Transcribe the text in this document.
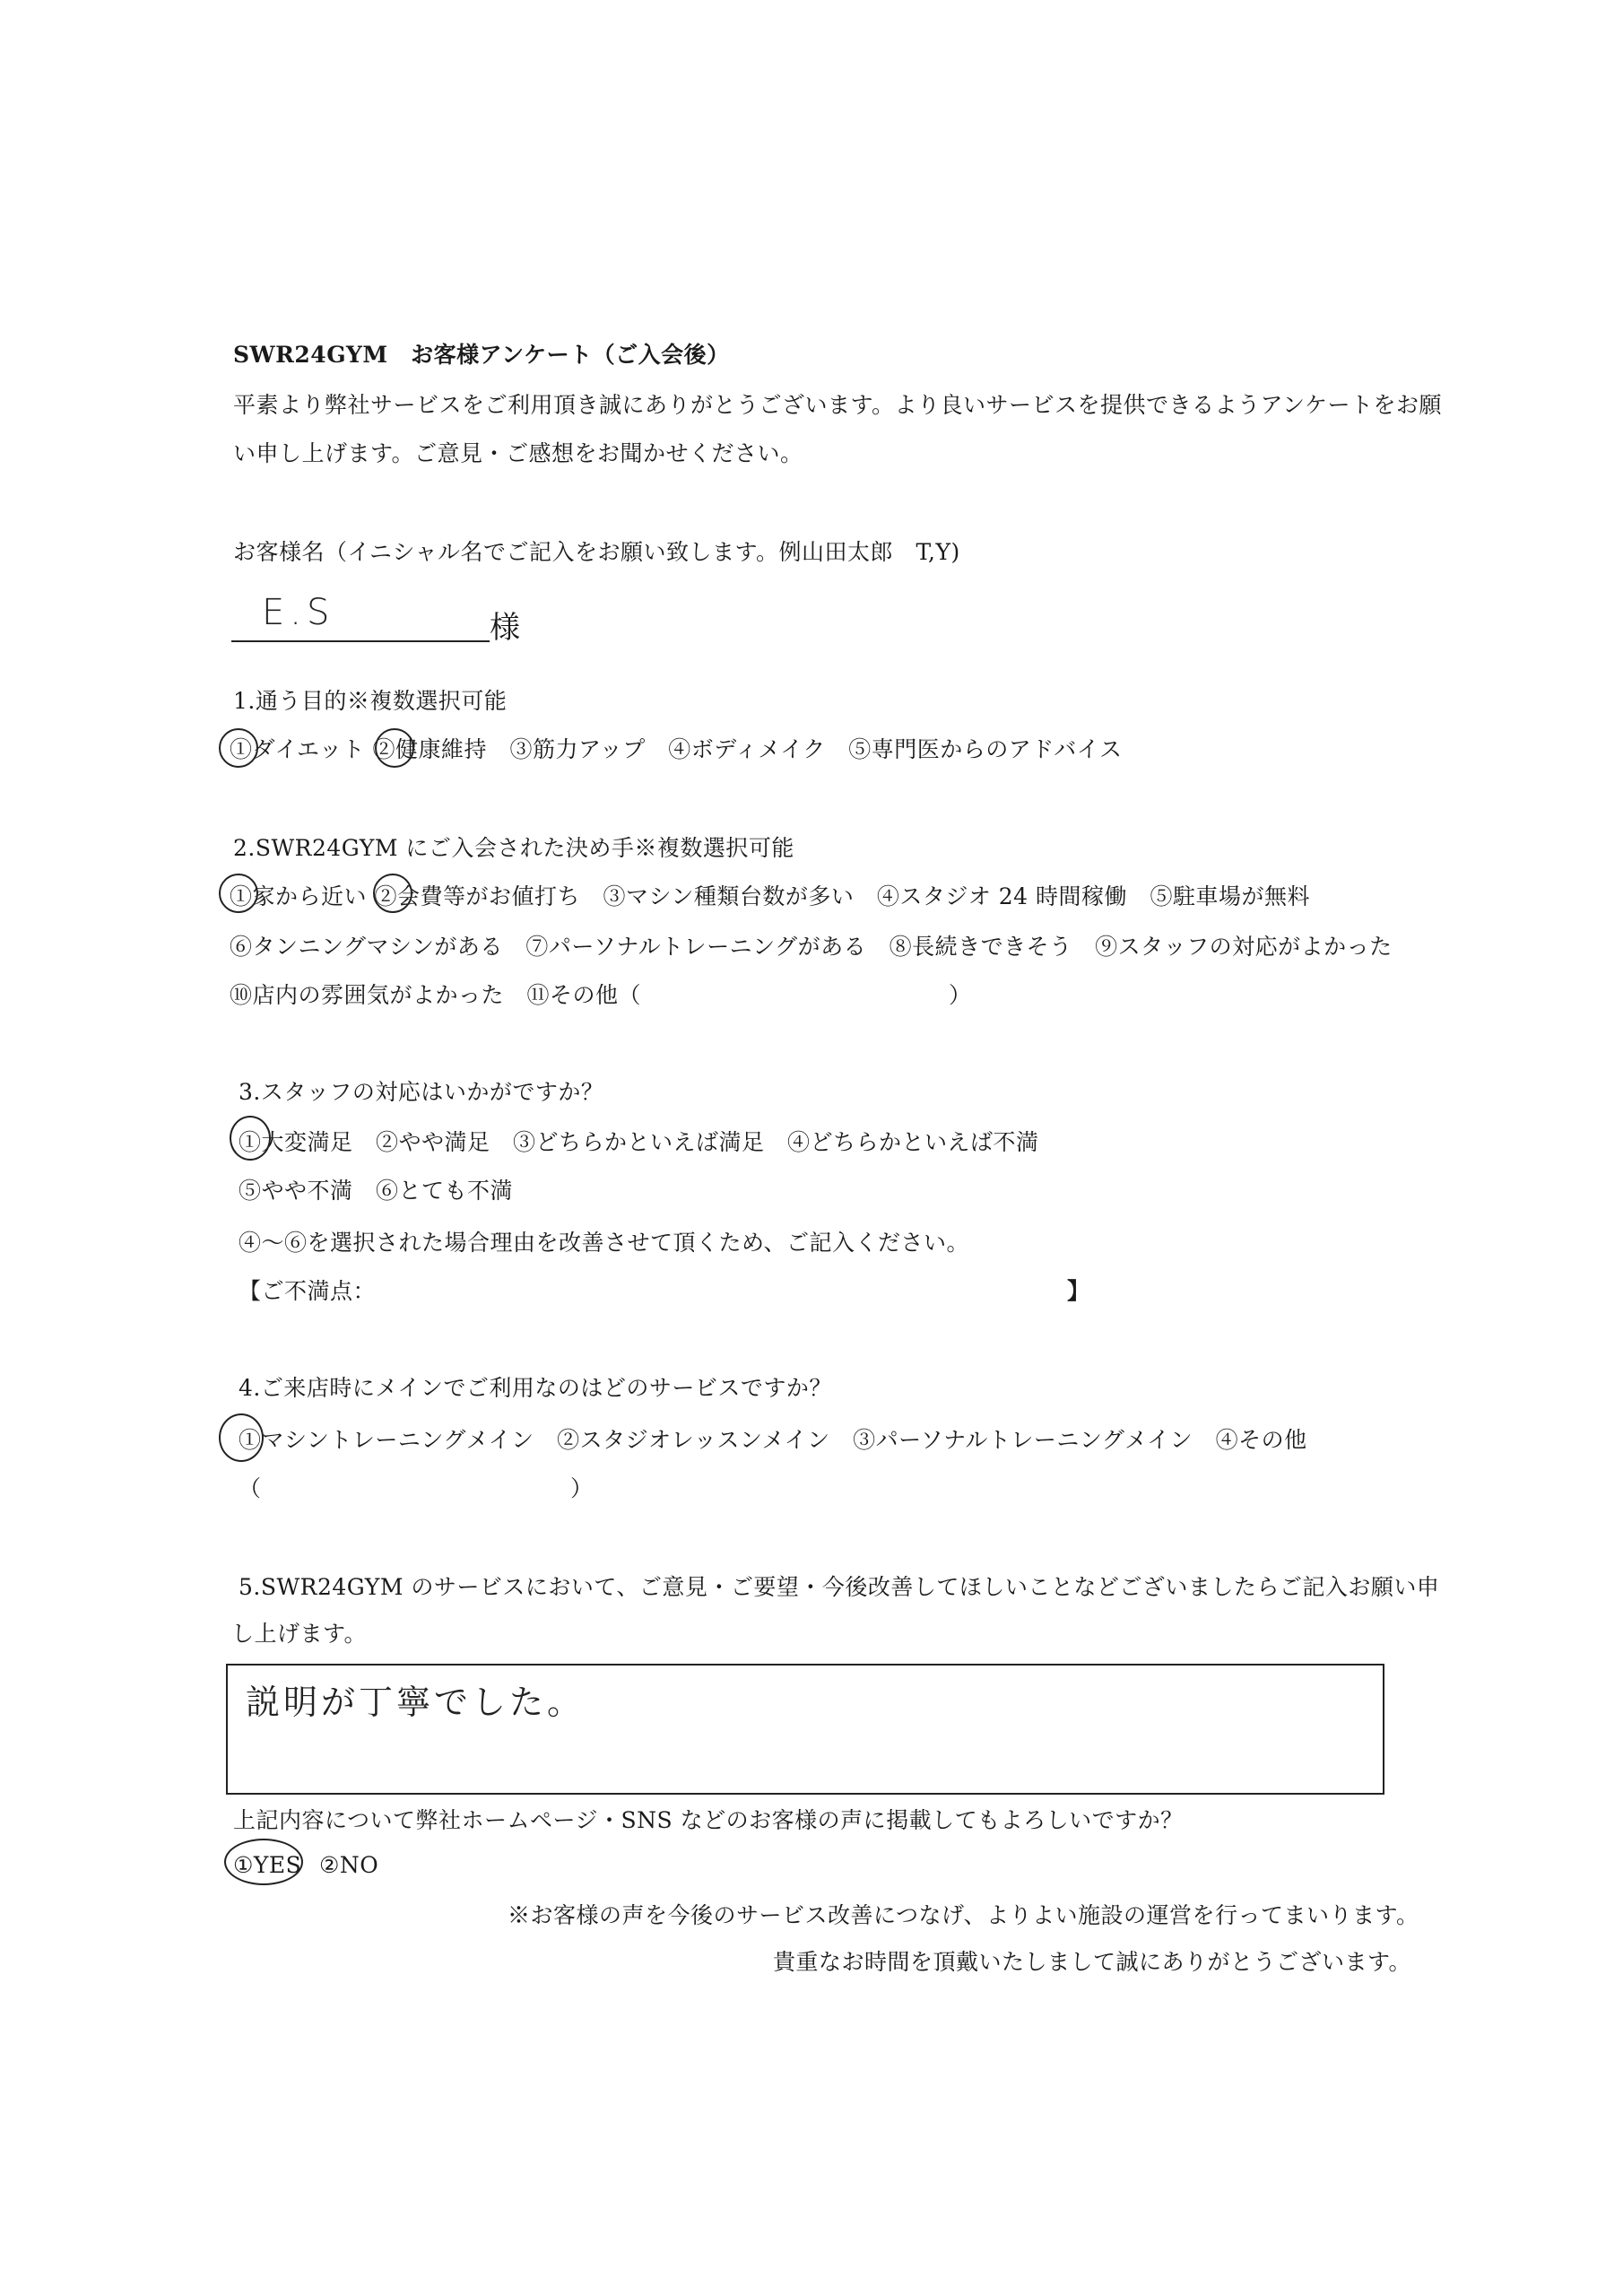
SWR24GYM　お客様アンケート（ご入会後）
平素より弊社サービスをご利用頂き誠にありがとうございます。より良いサービスを提供できるようアンケートをお願
い申し上げます。ご意見・ご感想をお聞かせください。
お客様名（イニシャル名でご記入をお願い致します。例山田太郎　T,Y)
E.S	様
1.通う目的※複数選択可能
①ダイエット ②健康維持　③筋力アップ　④ボディメイク　⑤専門医からのアドバイス
2.SWR24GYM にご入会された決め手※複数選択可能
①家から近い ②会費等がお値打ち　③マシン種類台数が多い　④スタジオ 24 時間稼働　⑤駐車場が無料
⑥タンニングマシンがある　⑦パーソナルトレーニングがある　⑧長続きできそう　⑨スタッフの対応がよかった
⑩店内の雰囲気がよかった　⑪その他（	）
3.スタッフの対応はいかがですか？
①大変満足　②やや満足　③どちらかといえば満足　④どちらかといえば不満
⑤やや不満　⑥とても不満
④～⑥を選択された場合理由を改善させて頂くため、ご記入ください。
【ご不満点：	】
4.ご来店時にメインでご利用なのはどのサービスですか？
①マシントレーニングメイン　②スタジオレッスンメイン　③パーソナルトレーニングメイン　④その他
（	）
5.SWR24GYM のサービスにおいて、ご意見・ご要望・今後改善してほしいことなどございましたらご記入お願い申
し上げます。
説明が丁寧でした。
上記内容について弊社ホームページ・SNS などのお客様の声に掲載してもよろしいですか？
①YES ②NO
※お客様の声を今後のサービス改善につなげ、よりよい施設の運営を行ってまいります。
貴重なお時間を頂戴いたしまして誠にありがとうございます。
